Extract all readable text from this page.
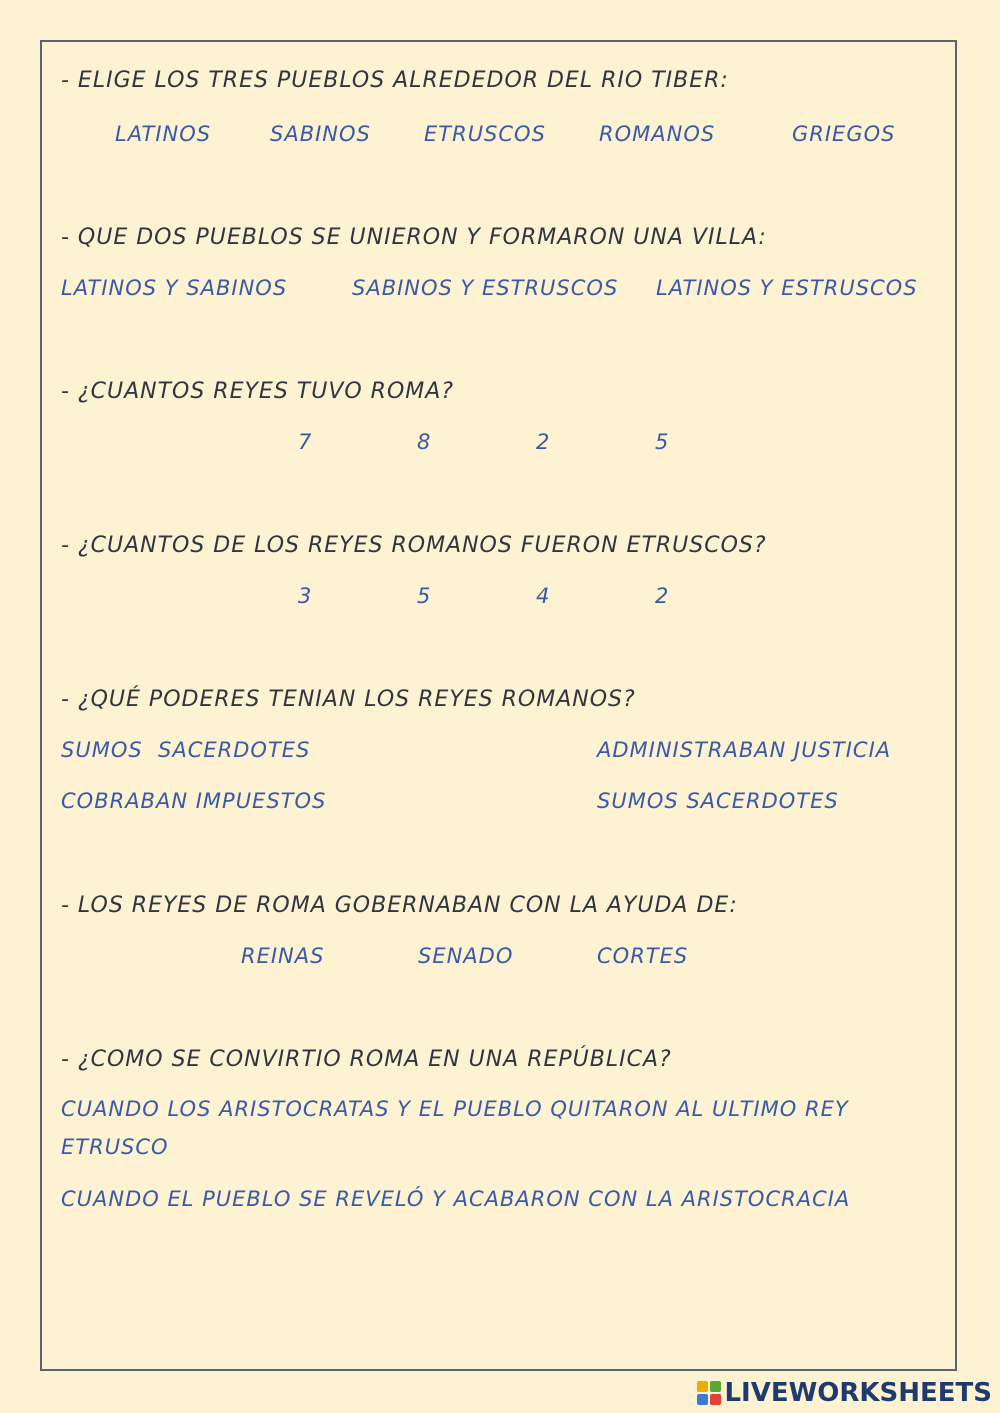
- ELIGE LOS TRES PUEBLOS ALREDEDOR DEL RIO TIBER:
LATINOS	SABINOS	ETRUSCOS	ROMANOS	GRIEGOS
- QUE DOS PUEBLOS SE UNIERON Y FORMARON UNA VILLA:
LATINOS Y SABINOS	SABINOS Y ESTRUSCOS LATINOS Y ESTRUSCOS
- ¿CUANTOS REYES TUVO ROMA?
7	8	2	5
- ¿CUANTOS DE LOS REYES ROMANOS FUERON ETRUSCOS?
3	5	4	2
- ¿QUÉ PODERES TENIAN LOS REYES ROMANOS?
SUMOS  SACERDOTES	ADMINISTRABAN JUSTICIA
COBRABAN IMPUESTOS	SUMOS SACERDOTES
- LOS REYES DE ROMA GOBERNABAN CON LA AYUDA DE:
REINAS	SENADO	CORTES
- ¿COMO SE CONVIRTIO ROMA EN UNA REPÚBLICA?
CUANDO LOS ARISTOCRATAS Y EL PUEBLO QUITARON AL ULTIMO REY ETRUSCO
CUANDO EL PUEBLO SE REVELÓ Y ACABARON CON LA ARISTOCRACIA
LIVEWORKSHEETS
